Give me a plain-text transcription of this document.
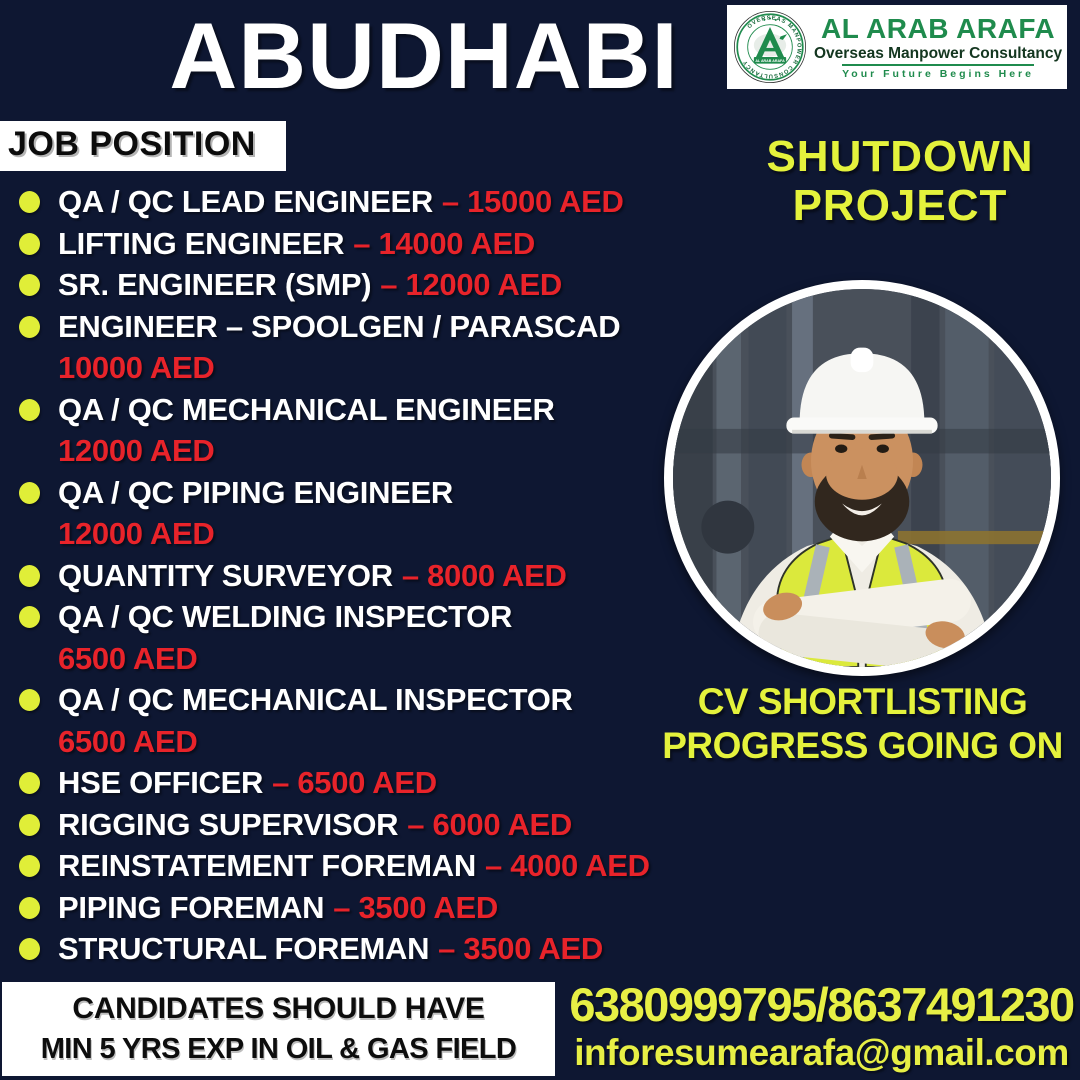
ABUDHABI	OVERSEAS MANPOWER CONSULTANCY	AL ARAB ARAFA
AL ARAB ARAFA
Overseas Manpower Consultancy
Your Future Begins Here
JOB POSITION	SHUTDOWN
PROJECT
QA / QC LEAD ENGINEER – 15000 AED
LIFTING ENGINEER – 14000 AED
SR. ENGINEER (SMP) – 12000 AED
ENGINEER – SPOOLGEN / PARASCAD
10000 AED
QA / QC MECHANICAL ENGINEER
12000 AED
QA / QC PIPING ENGINEER
12000 AED
QUANTITY SURVEYOR – 8000 AED
QA / QC WELDING INSPECTOR
6500 AED
QA / QC MECHANICAL INSPECTOR
6500 AED
HSE OFFICER – 6500 AED
RIGGING SUPERVISOR – 6000 AED
REINSTATEMENT FOREMAN – 4000 AED
PIPING FOREMAN – 3500 AED
STRUCTURAL FOREMAN – 3500 AED
CV SHORTLISTING
PROGRESS GOING ON
CANDIDATES SHOULD HAVE
MIN 5 YRS EXP IN OIL & GAS FIELD
6380999795/8637491230
inforesumearafa@gmail.com
